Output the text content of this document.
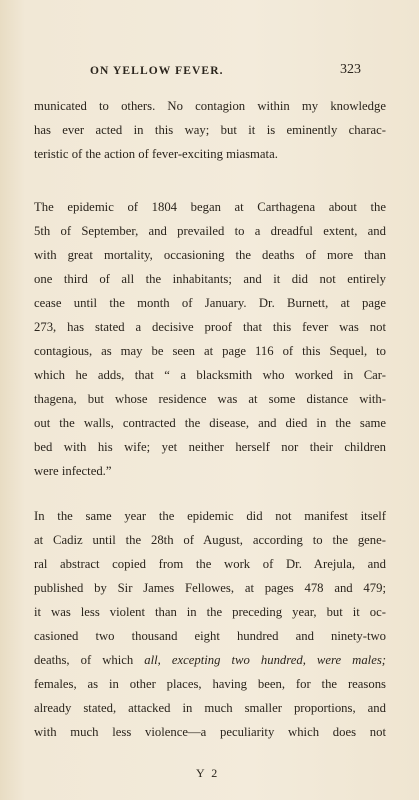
ON YELLOW FEVER.	323

municated to others. No contagion within my knowledge
has ever acted in this way; but it is eminently charac-
teristic of the action of fever-exciting miasmata.

The epidemic of 1804 began at Carthagena about the
5th of September, and prevailed to a dreadful extent, and
with great mortality, occasioning the deaths of more than
one third of all the inhabitants; and it did not entirely
cease until the month of January. Dr. Burnett, at page
273, has stated a decisive proof that this fever was not
contagious, as may be seen at page 116 of this Sequel, to
which he adds, that “ a blacksmith who worked in Car-
thagena, but whose residence was at some distance with-
out the walls, contracted the disease, and died in the same
bed with his wife; yet neither herself nor their children
were infected.”

In the same year the epidemic did not manifest itself
at Cadiz until the 28th of August, according to the gene-
ral abstract copied from the work of Dr. Arejula, and
published by Sir James Fellowes, at pages 478 and 479;
it was less violent than in the preceding year, but it oc-
casioned two thousand eight hundred and ninety-two
deaths, of which all, excepting two hundred, were males;
females, as in other places, having been, for the reasons
already stated, attacked in much smaller proportions, and
with much less violence—a peculiarity which does not

Y 2
